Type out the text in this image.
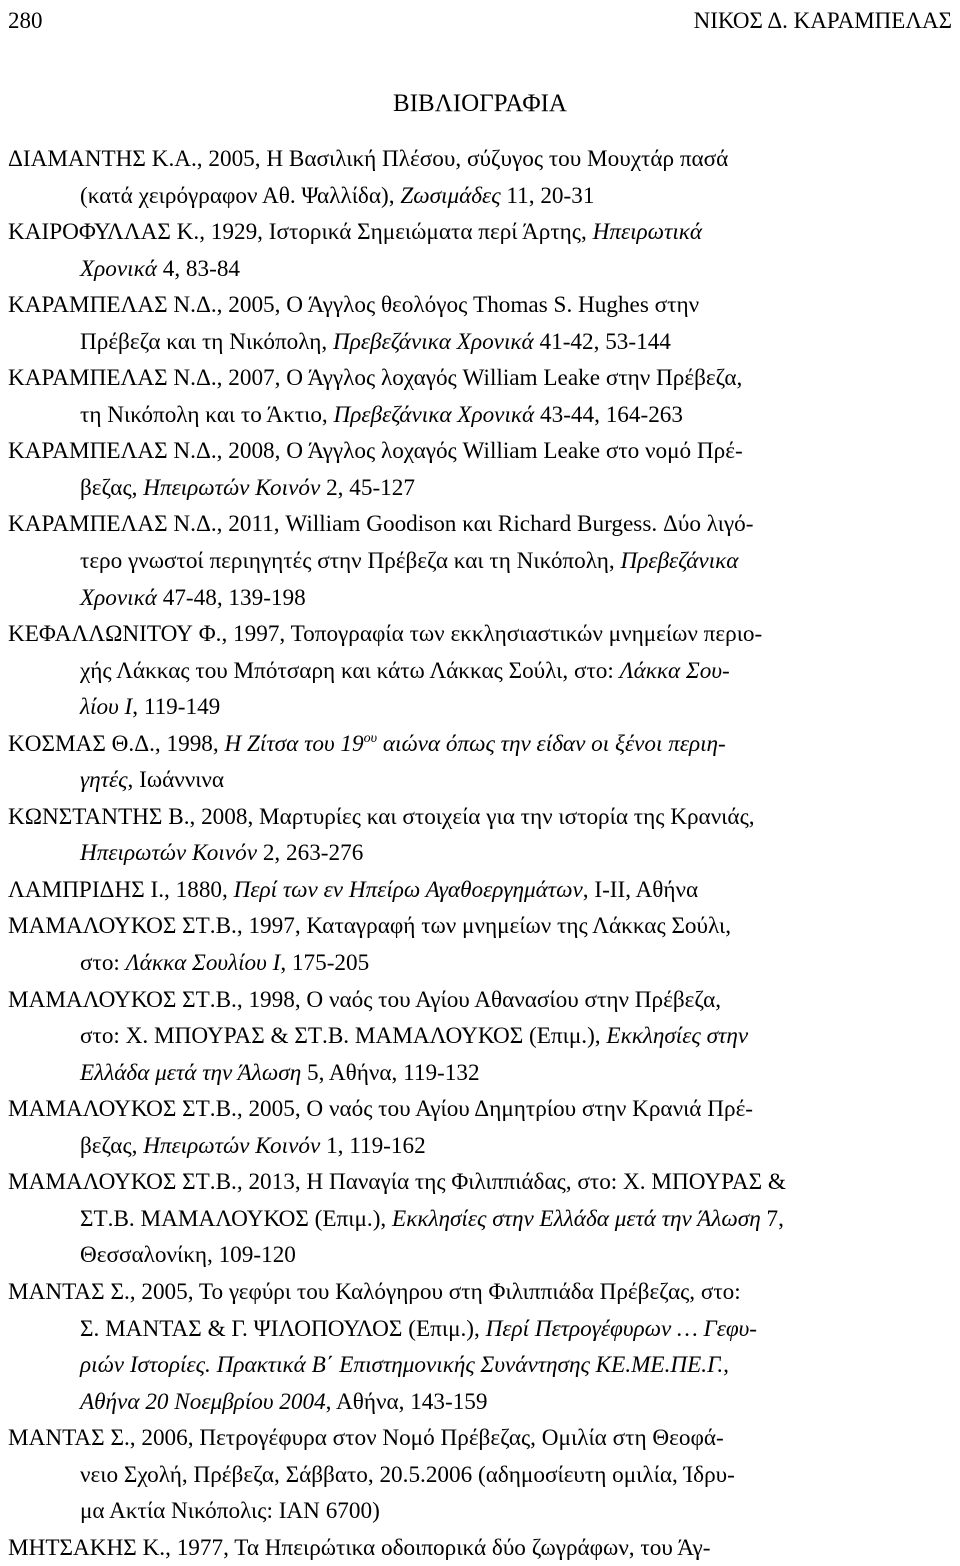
280	ΝΙΚΟΣ Δ. ΚΑΡΑΜΠΕΛΑΣ
ΒΙΒΛΙΟΓΡΑΦΙΑ

ΔΙΑΜΑΝΤΗΣ Κ.Α., 2005, Η Βασιλική Πλέσου, σύζυγος του Μουχτάρ πασά
(κατά χειρόγραφον Αθ. Ψαλλίδα), Ζωσιμάδες 11, 20-31

ΚΑΙΡΟΦΥΛΛΑΣ Κ., 1929, Ιστορικά Σημειώματα περί Άρτης, Ηπειρωτικά
Χρονικά 4, 83-84

ΚΑΡΑΜΠΕΛΑΣ Ν.Δ., 2005, Ο Άγγλος θεολόγος Thomas S. Hughes στην
Πρέβεζα και τη Νικόπολη, Πρεβεζάνικα Χρονικά 41-42, 53-144

ΚΑΡΑΜΠΕΛΑΣ Ν.Δ., 2007, Ο Άγγλος λοχαγός William Leake στην Πρέβεζα,
τη Νικόπολη και το Άκτιο, Πρεβεζάνικα Χρονικά 43-44, 164-263

ΚΑΡΑΜΠΕΛΑΣ Ν.Δ., 2008, Ο Άγγλος λοχαγός William Leake στο νομό Πρέ-
βεζας, Ηπειρωτών Κοινόν 2, 45-127

ΚΑΡΑΜΠΕΛΑΣ Ν.Δ., 2011, William Goodison και Richard Burgess. Δύο λιγό-
τερο γνωστοί περιηγητές στην Πρέβεζα και τη Νικόπολη, Πρεβεζάνικα
Χρονικά 47-48, 139-198

ΚΕΦΑΛΛΩΝΙΤΟΥ Φ., 1997, Τοπογραφία των εκκλησιαστικών μνημείων περιο-
χής Λάκκας του Μπότσαρη και κάτω Λάκκας Σούλι, στο: Λάκκα Σου-
λίου Ι, 119-149

ΚΟΣΜΑΣ Θ.Δ., 1998, Η Ζίτσα του $19^{o\upsilon}$ αιώνα όπως την είδαν οι ξένοι περιη-
γητές, Ιωάννινα

ΚΩΝΣΤΑΝΤΗΣ Β., 2008, Μαρτυρίες και στοιχεία για την ιστορία της Κρανιάς,
Ηπειρωτών Κοινόν 2, 263-276

ΛΑΜΠΡΙΔΗΣ Ι., 1880, Περί των εν Ηπείρω Αγαθοεργημάτων, Ι-ΙΙ, Αθήνα

ΜΑΜΑΛΟΥΚΟΣ ΣΤ.Β., 1997, Καταγραφή των μνημείων της Λάκκας Σούλι,
στο: Λάκκα Σουλίου Ι, 175-205

ΜΑΜΑΛΟΥΚΟΣ ΣΤ.Β., 1998, Ο ναός του Αγίου Αθανασίου στην Πρέβεζα,
στο: Χ. ΜΠΟΥΡΑΣ & ΣΤ.Β. ΜΑΜΑΛΟΥΚΟΣ (Επιμ.), Εκκλησίες στην
Ελλάδα μετά την Άλωση 5, Αθήνα, 119-132

ΜΑΜΑΛΟΥΚΟΣ ΣΤ.Β., 2005, Ο ναός του Αγίου Δημητρίου στην Κρανιά Πρέ-
βεζας, Ηπειρωτών Κοινόν 1, 119-162

ΜΑΜΑΛΟΥΚΟΣ ΣΤ.Β., 2013, Η Παναγία της Φιλιππιάδας, στο: Χ. ΜΠΟΥΡΑΣ &
ΣΤ.Β. ΜΑΜΑΛΟΥΚΟΣ (Επιμ.), Εκκλησίες στην Ελλάδα μετά την Άλωση 7,
Θεσσαλονίκη, 109-120

ΜΑΝΤΑΣ Σ., 2005, Το γεφύρι του Καλόγηρου στη Φιλιππιάδα Πρέβεζας, στο:
Σ. ΜΑΝΤΑΣ & Γ. ΨΙΛΟΠΟΥΛΟΣ (Επιμ.), Περί Πετρογέφυρων … Γεφυ-
ριών Ιστορίες. Πρακτικά Β΄ Επιστημονικής Συνάντησης ΚΕ.ΜΕ.ΠΕ.Γ.,
Αθήνα 20 Νοεμβρίου 2004, Αθήνα, 143-159

ΜΑΝΤΑΣ Σ., 2006, Πετρογέφυρα στον Νομό Πρέβεζας, Ομιλία στη Θεοφά-
νειο Σχολή, Πρέβεζα, Σάββατο, 20.5.2006 (αδημοσίευτη ομιλία, Ίδρυ-
μα Ακτία Νικόπολις: ΙΑΝ 6700)

ΜΗΤΣΑΚΗΣ Κ., 1977, Τα Ηπειρώτικα οδοιπορικά δύο ζωγράφων, του Άγ-
